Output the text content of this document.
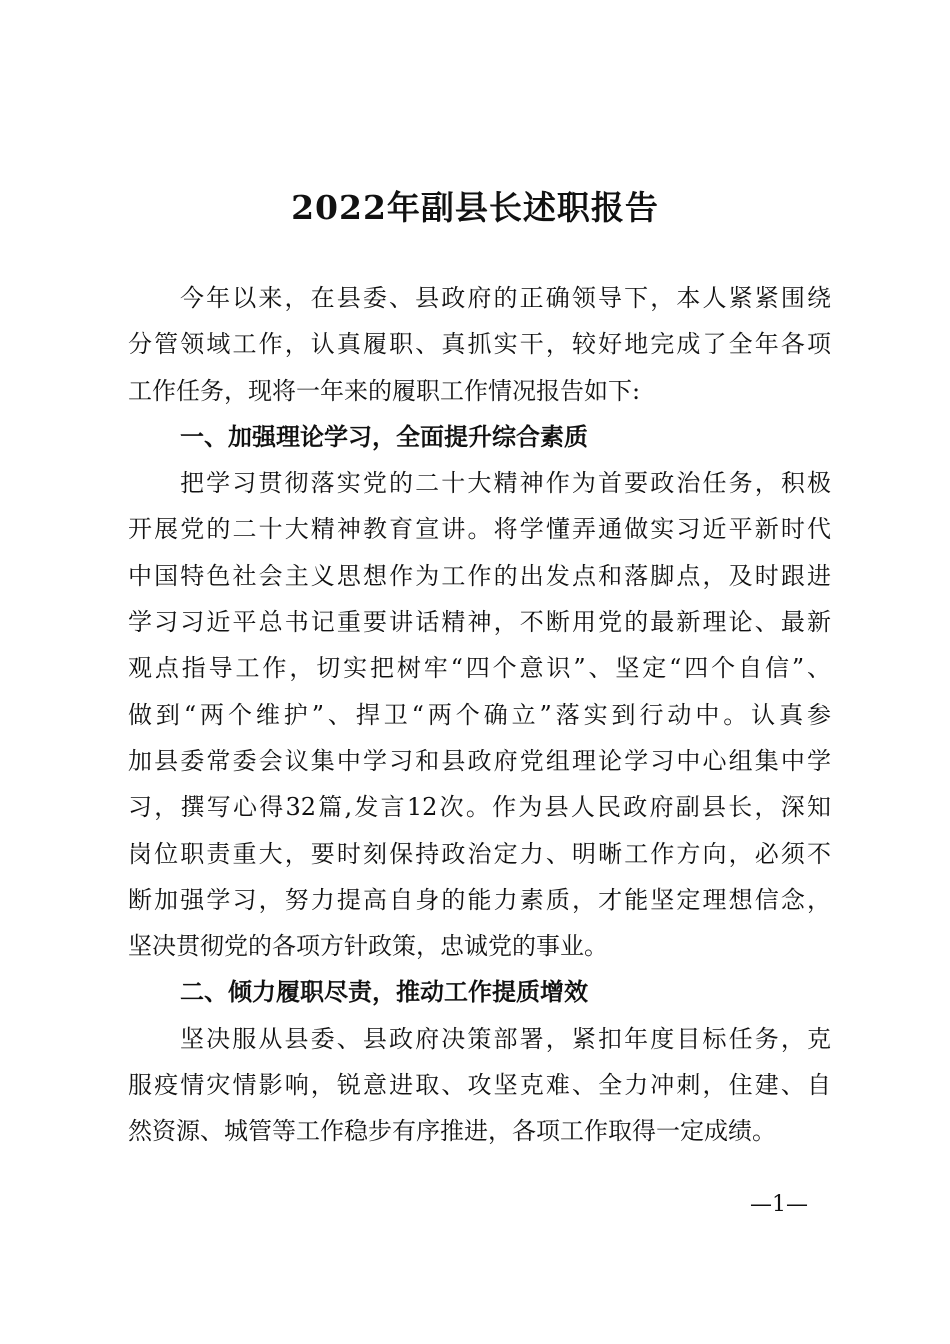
2022年副县长述职报告
今年以来，在县委、县政府的正确领导下，本人紧紧围绕
分管领域工作，认真履职、真抓实干，较好地完成了全年各项
工作任务，现将一年来的履职工作情况报告如下:
一、加强理论学习，全面提升综合素质
把学习贯彻落实党的二十大精神作为首要政治任务，积极
开展党的二十大精神教育宣讲。将学懂弄通做实习近平新时代
中国特色社会主义思想作为工作的出发点和落脚点，及时跟进
学习习近平总书记重要讲话精神，不断用党的最新理论、最新
观点指导工作，切实把树牢“四个意识”、坚定“四个自信”、
做到“两个维护”、捍卫“两个确立”落实到行动中。认真参
加县委常委会议集中学习和县政府党组理论学习中心组集中学
习，撰写心得32篇,发言12次。作为县人民政府副县长，深知
岗位职责重大，要时刻保持政治定力、明晰工作方向，必须不
断加强学习，努力提高自身的能力素质，才能坚定理想信念，
坚决贯彻党的各项方针政策，忠诚党的事业。
二、倾力履职尽责，推动工作提质增效
坚决服从县委、县政府决策部署，紧扣年度目标任务，克
服疫情灾情影响，锐意进取、攻坚克难、全力冲刺，住建、自
然资源、城管等工作稳步有序推进，各项工作取得一定成绩。
—1—
